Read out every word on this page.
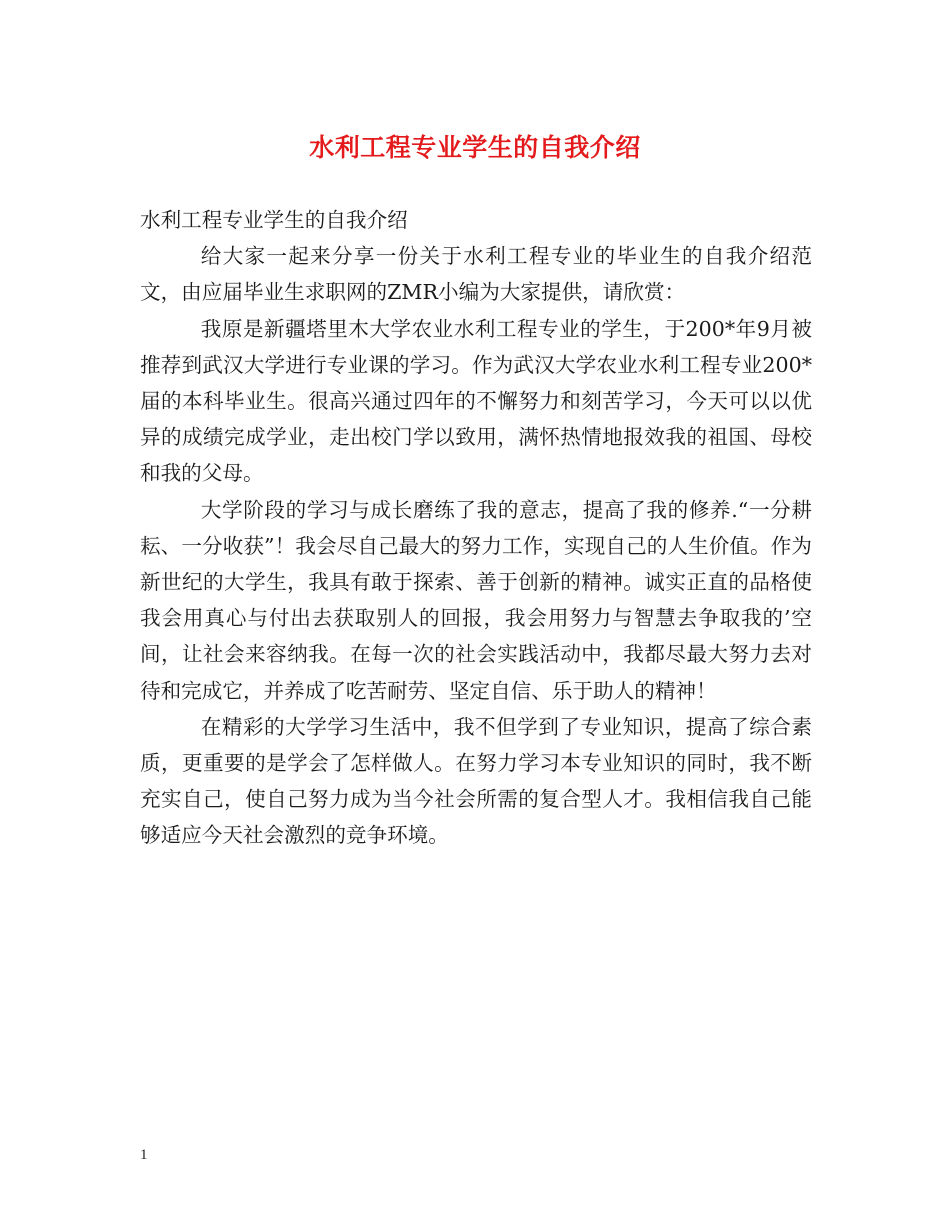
水利工程专业学生的自我介绍

水利工程专业学生的自我介绍

给大家一起来分享一份关于水利工程专业的毕业生的自我介绍范文，由应届毕业生求职网的ZMR小编为大家提供，请欣赏：

我原是新疆塔里木大学农业水利工程专业的学生，于200*年9月被推荐到武汉大学进行专业课的学习。作为武汉大学农业水利工程专业200*届的本科毕业生。很高兴通过四年的不懈努力和刻苦学习，今天可以以优异的成绩完成学业，走出校门学以致用，满怀热情地报效我的祖国、母校和我的父母。

大学阶段的学习与成长磨练了我的意志，提高了我的修养.“一分耕耘、一分收获”！我会尽自己最大的努力工作，实现自己的人生价值。作为新世纪的大学生，我具有敢于探索、善于创新的精神。诚实正直的品格使我会用真心与付出去获取别人的回报，我会用努力与智慧去争取我的’空间，让社会来容纳我。在每一次的社会实践活动中，我都尽最大努力去对待和完成它，并养成了吃苦耐劳、坚定自信、乐于助人的精神！

在精彩的大学学习生活中，我不但学到了专业知识，提高了综合素质，更重要的是学会了怎样做人。在努力学习本专业知识的同时，我不断充实自己，使自己努力成为当今社会所需的复合型人才。我相信我自己能够适应今天社会激烈的竞争环境。

1
